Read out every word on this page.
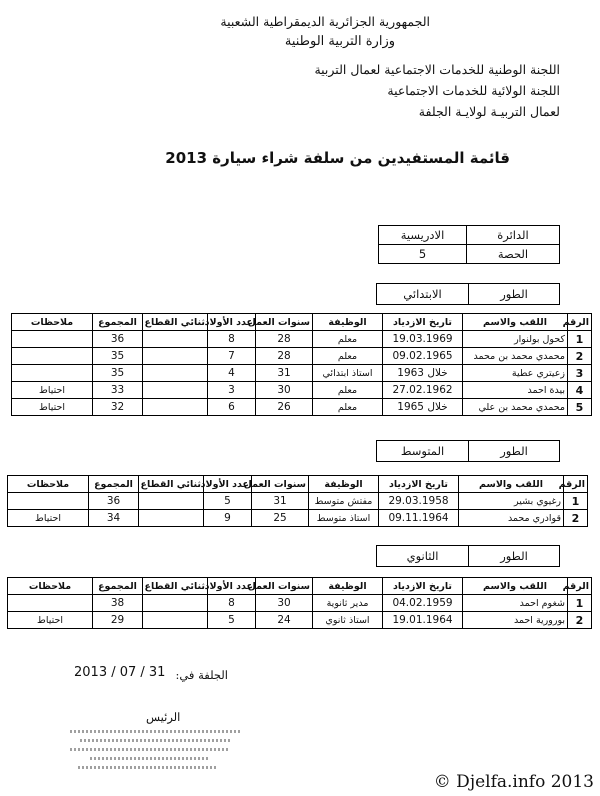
الجمهورية الجزائرية الديمقراطية الشعبية
وزارة التربية الوطنية
اللجنة الوطنية للخدمات الاجتماعية لعمال التربية
اللجنة الولائية للخدمات الاجتماعية
لعمال التربيـة لولايـة الجلفة
قائمة المستفيدين من سلفة شراء سيارة 2013
الدائرة	الادريسية
الحصة	5
الطور
الابتدائي
الرقم	اللقب والاسم	تاريخ الازدياد	الوظيفة	سنوات العمل	عدد الأولاد	ثنائي القطاع	المجموع	ملاحظات
1	كحول بولنوار	19.03.1969	معلم	28	8		36	
2	محمدي محمد بن محمد	09.02.1965	معلم	28	7		35	
3	زعيتري عطية	خلال 1963	استاذ ابتدائي	31	4		35	
4	بيدة احمد	27.02.1962	معلم	30	3		33	احتياط
5	محمدي محمد بن علي	خلال 1965	معلم	26	6		32	احتياط
الطور
المتوسط
الرقم	اللقب والاسم	تاريخ الازدياد	الوظيفة	سنوات العمل	عدد الأولاد	ثنائي القطاع	المجموع	ملاحظات
1	رغيوي بشير	29.03.1958	مفتش متوسط	31	5		36	
2	قوادري محمد	09.11.1964	استاذ متوسط	25	9		34	احتياط
الطور
الثانوي
الرقم	اللقب والاسم	تاريخ الازدياد	الوظيفة	سنوات العمل	عدد الأولاد	ثنائي القطاع	المجموع	ملاحظات
1	شغوم احمد	04.02.1959	مدير ثانوية	30	8		38	
2	بورورية احمد	19.01.1964	استاذ ثانوي	24	5		29	احتياط
الجلفة في:
2013 / 07 / 31
الرئيس
© Djelfa.info 2013
